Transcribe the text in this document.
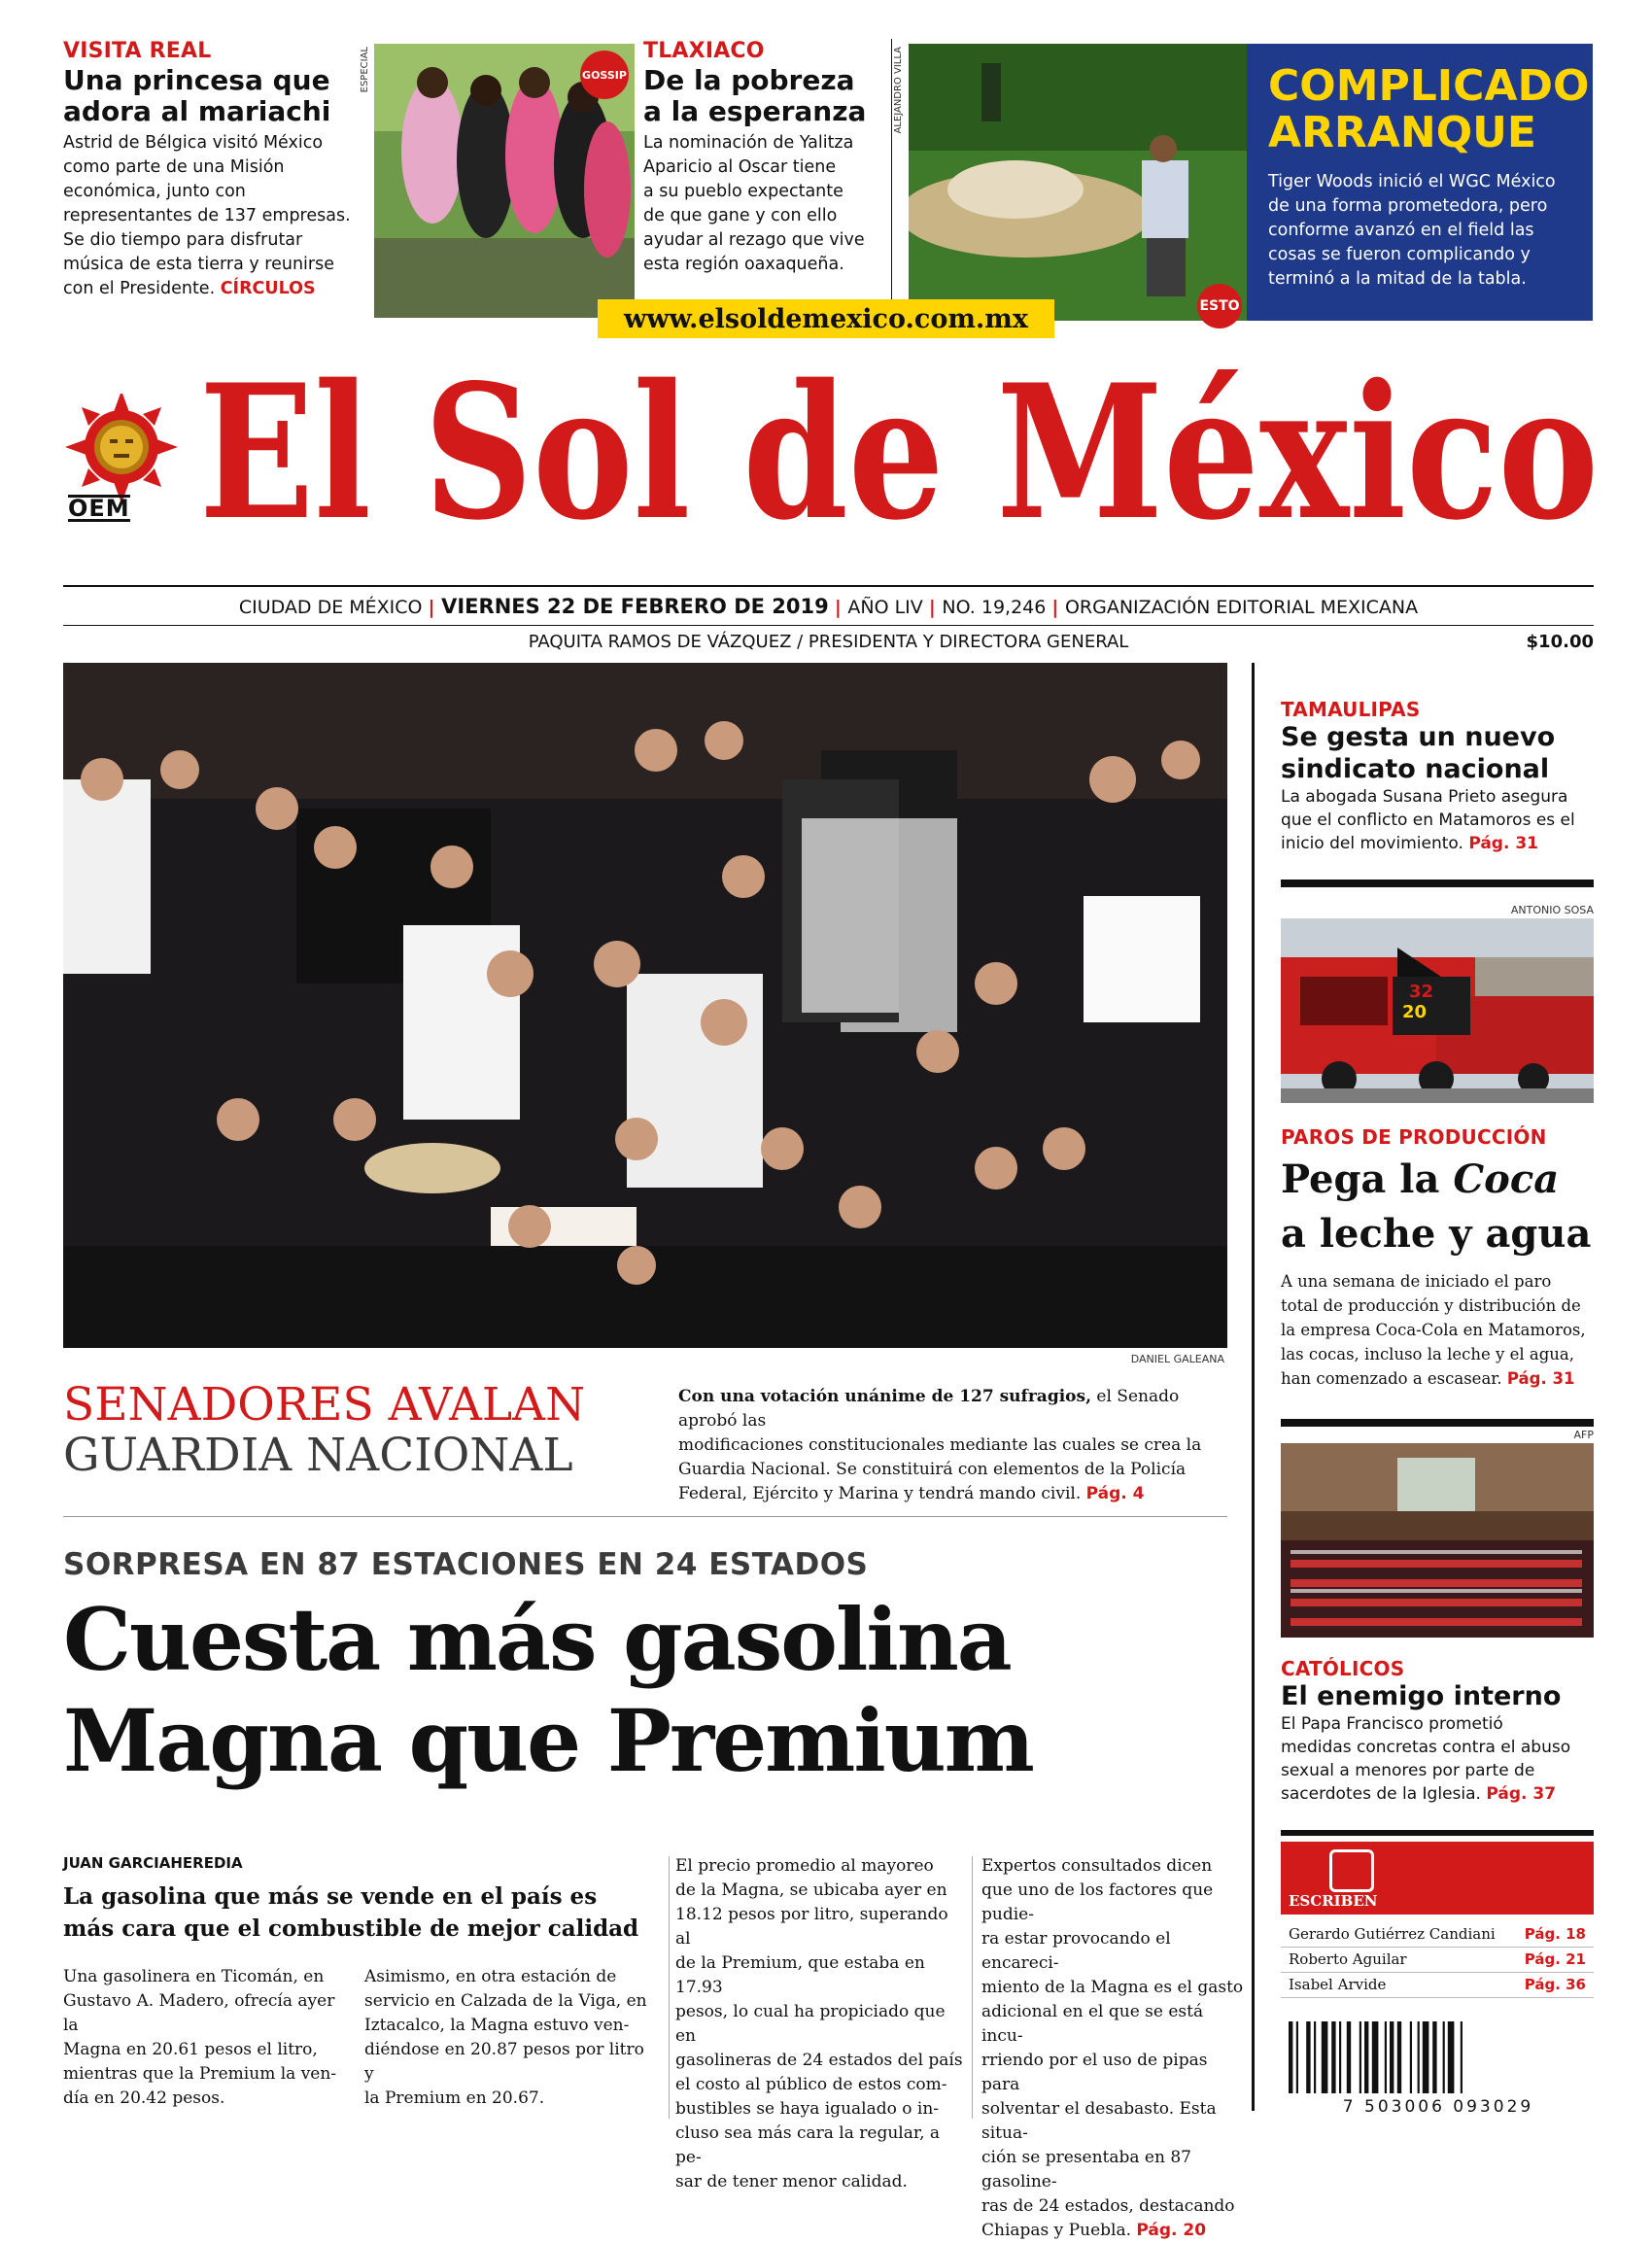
VISITA REAL
Una princesa que
adora al mariachi
Astrid de Bélgica visitó México
como parte de una Misión
económica, junto con
representantes de 137 empresas.
Se dio tiempo para disfrutar
música de esta tierra y reunirse
con el Presidente. CÍRCULOS
ESPECIAL	GOSSIP
TLAXIACO
De la pobreza
a la esperanza
La nominación de Yalitza
Aparicio al Oscar tiene
a su pueblo expectante
de que gane y con ello
ayudar al rezago que vive
esta región oaxaqueña.
ALEJANDRO VILLA
ESTO
COMPLICADO
ARRANQUE
Tiger Woods inició el WGC México
de una forma prometedora, pero
conforme avanzó en el field las
cosas se fueron complicando y
terminó a la mitad de la tabla.
www.elsoldemexico.com.mx
OEM El Sol de México
CIUDAD DE MÉXICO | VIERNES 22 DE FEBRERO DE 2019 | AÑO LIV | NO. 19,246 | ORGANIZACIÓN EDITORIAL MEXICANA
PAQUITA RAMOS DE VÁZQUEZ / PRESIDENTA Y DIRECTORA GENERAL	$10.00
DANIEL GALEANA
SENADORES AVALAN
GUARDIA NACIONAL
Con una votación unánime de 127 sufragios, el Senado aprobó las
modificaciones constitucionales mediante las cuales se crea la
Guardia Nacional. Se constituirá con elementos de la Policía
Federal, Ejército y Marina y tendrá mando civil. Pág. 4
SORPRESA EN 87 ESTACIONES EN 24 ESTADOS
Cuesta más gasolina
Magna que Premium
JUAN GARCIAHEREDIA
La gasolina que más se vende en el país es
más cara que el combustible de mejor calidad
Una gasolinera en Ticomán, en
Gustavo A. Madero, ofrecía ayer la
Magna en 20.61 pesos el litro,
mientras que la Premium la ven-
día en 20.42 pesos.
Asimismo, en otra estación de
servicio en Calzada de la Viga, en
Iztacalco, la Magna estuvo ven-
diéndose en 20.87 pesos por litro y
la Premium en 20.67.
El precio promedio al mayoreo
de la Magna, se ubicaba ayer en
18.12 pesos por litro, superando al
de la Premium, que estaba en 17.93
pesos, lo cual ha propiciado que en
gasolineras de 24 estados del país
el costo al público de estos com-
bustibles se haya igualado o in-
cluso sea más cara la regular, a pe-
sar de tener menor calidad.
Expertos consultados dicen
que uno de los factores que pudie-
ra estar provocando el encareci-
miento de la Magna es el gasto
adicional en el que se está incu-
rriendo por el uso de pipas para
solventar el desabasto. Esta situa-
ción se presentaba en 87 gasoline-
ras de 24 estados, destacando
Chiapas y Puebla. Pág. 20
TAMAULIPAS
Se gesta un nuevo
sindicato nacional
La abogada Susana Prieto asegura
que el conflicto en Matamoros es el
inicio del movimiento. Pág. 31
ANTONIO SOSA
32
20
PAROS DE PRODUCCIÓN
Pega la Coca
a leche y agua
A una semana de iniciado el paro
total de producción y distribución de
la empresa Coca-Cola en Matamoros,
las cocas, incluso la leche y el agua,
han comenzado a escasear. Pág. 31
AFP
CATÓLICOS
El enemigo interno
El Papa Francisco prometió
medidas concretas contra el abuso
sexual a menores por parte de
sacerdotes de la Iglesia. Pág. 37
ESCRIBEN
Gerardo Gutiérrez Candiani Pág. 18
Roberto Aguilar	Pág. 21
Isabel Arvide	Pág. 36
7 503006 093029
